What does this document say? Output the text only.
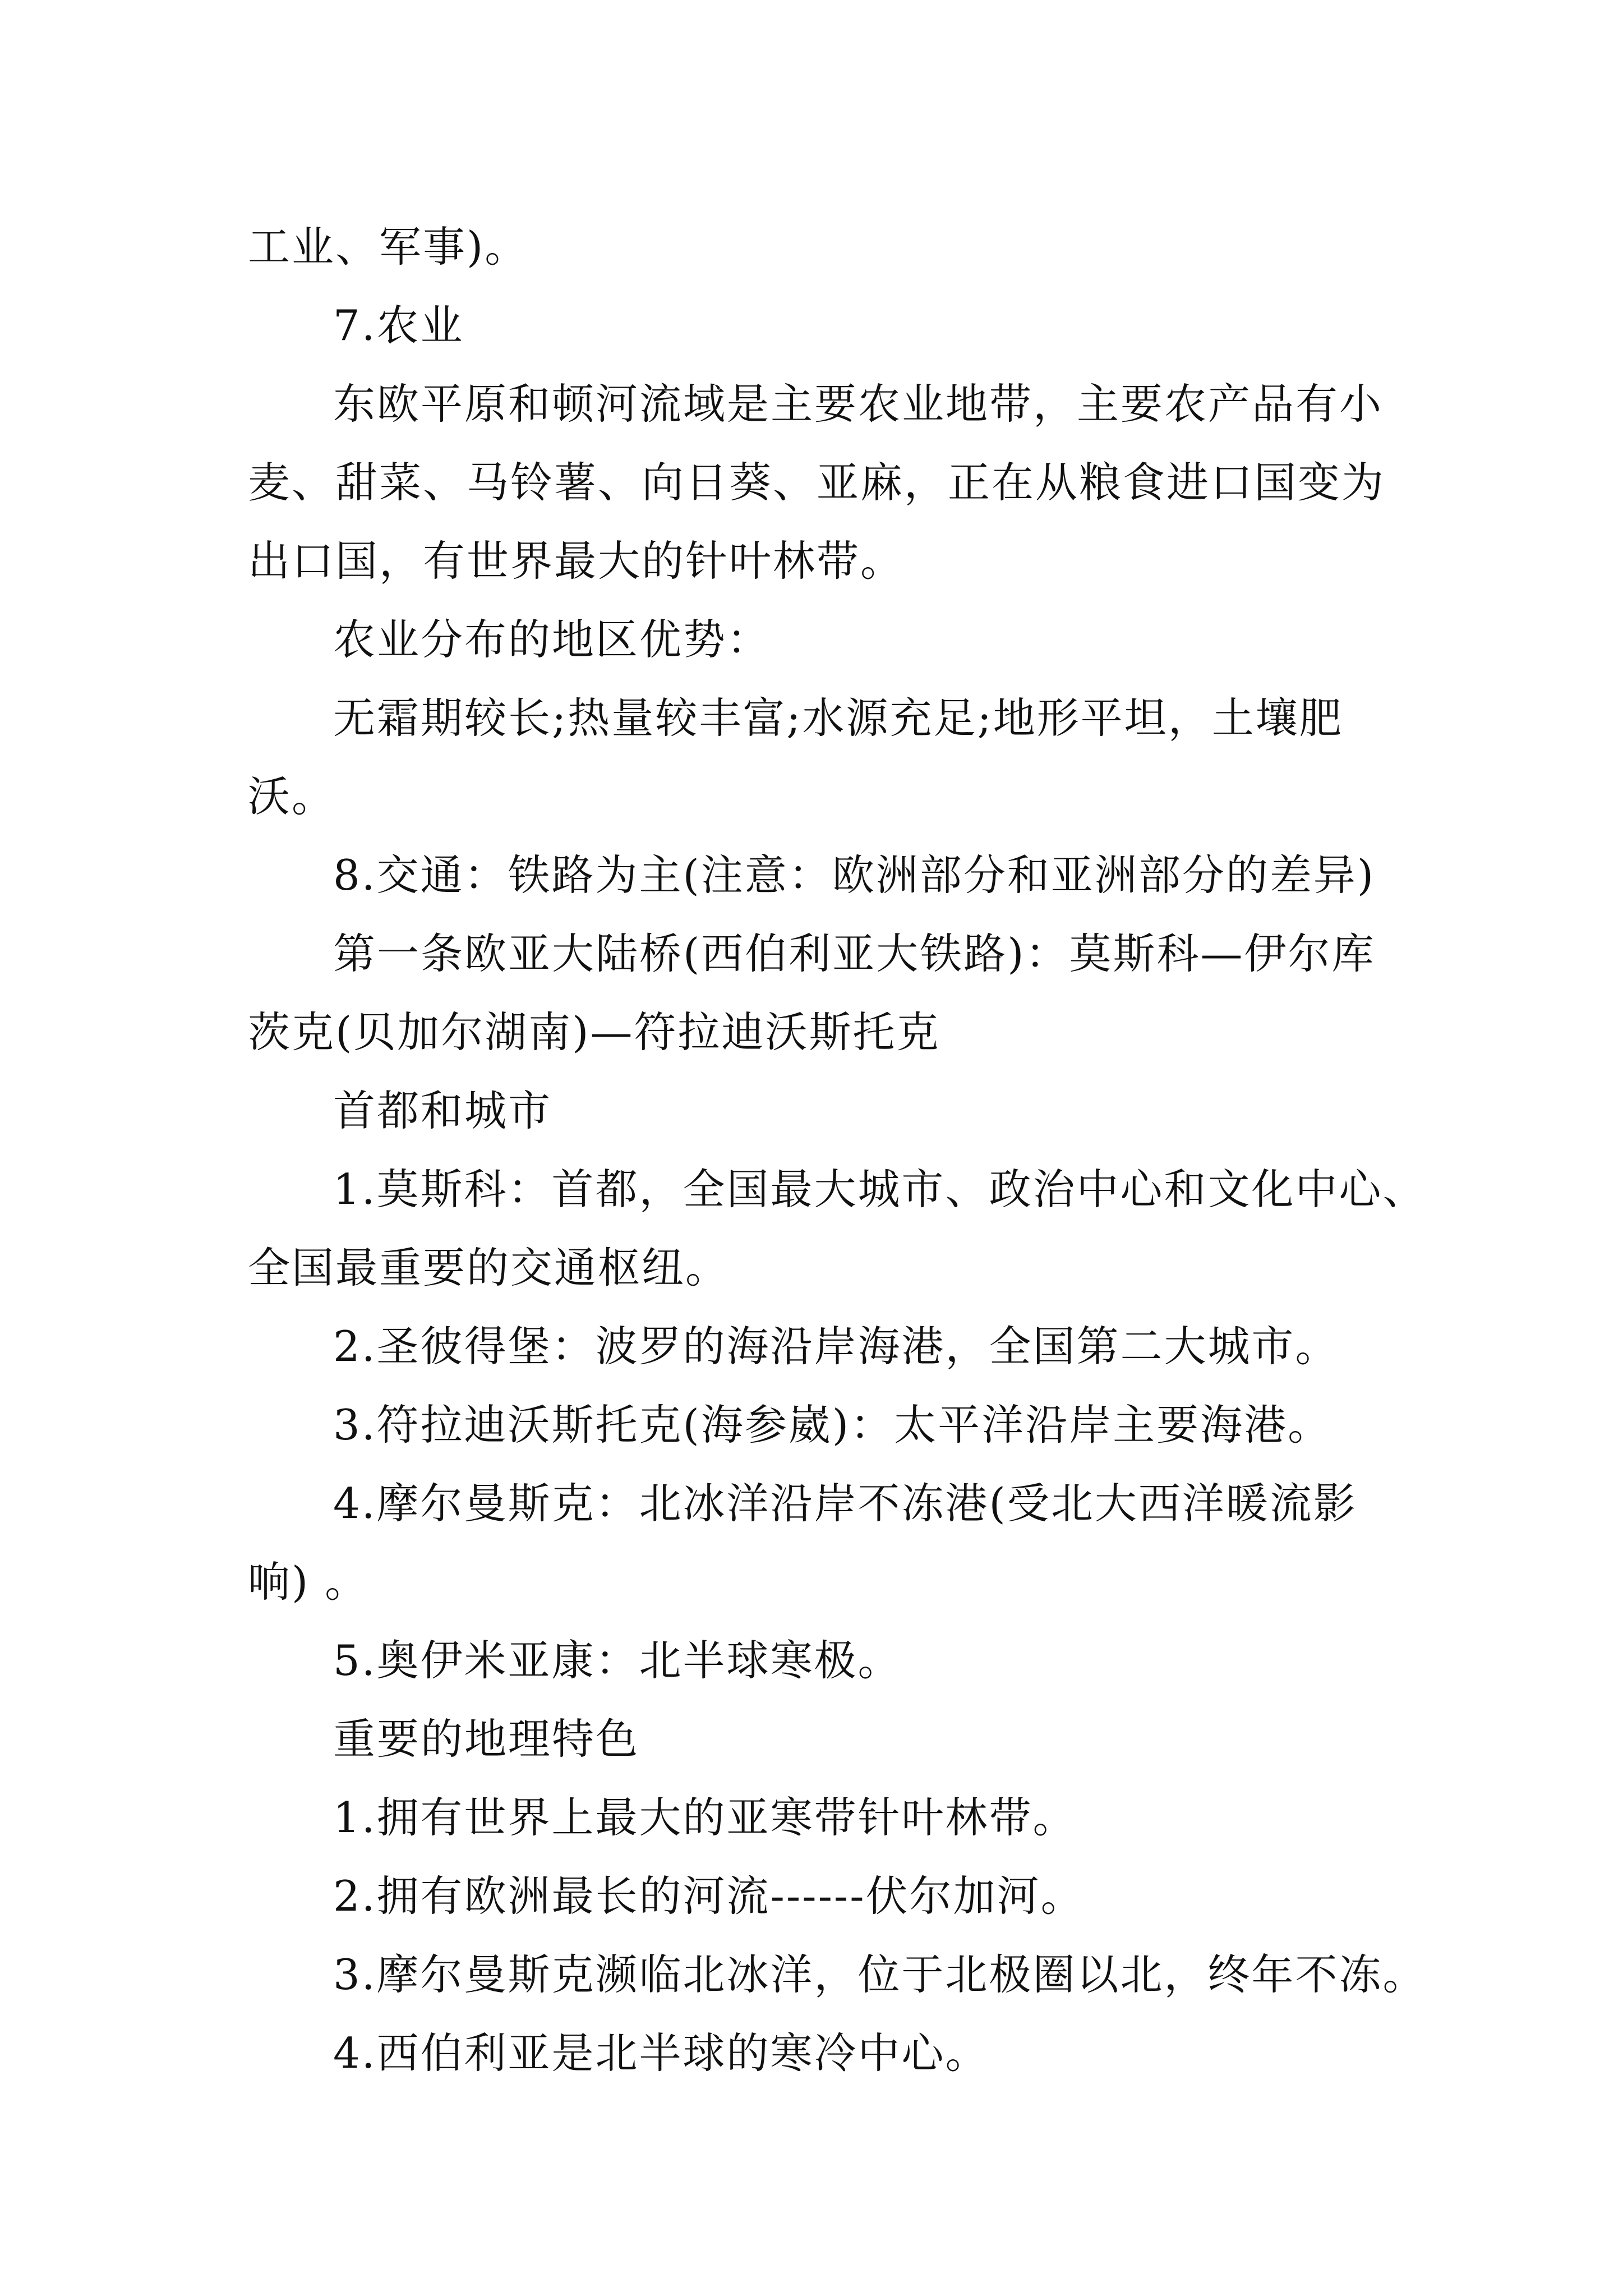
工业、军事)。

7.农业

东欧平原和顿河流域是主要农业地带，主要农产品有小

麦、甜菜、马铃薯、向日葵、亚麻，正在从粮食进口国变为

出口国，有世界最大的针叶林带。

农业分布的地区优势：

无霜期较长;热量较丰富;水源充足;地形平坦，土壤肥

沃。

8.交通：铁路为主(注意：欧洲部分和亚洲部分的差异)

第一条欧亚大陆桥(西伯利亚大铁路)：莫斯科—伊尔库

茨克(贝加尔湖南)—符拉迪沃斯托克

首都和城市

1.莫斯科：首都，全国最大城市、政治中心和文化中心、

全国最重要的交通枢纽。

2.圣彼得堡：波罗的海沿岸海港，全国第二大城市。

3.符拉迪沃斯托克(海参崴)：太平洋沿岸主要海港。

4.摩尔曼斯克：北冰洋沿岸不冻港(受北大西洋暖流影

响) 。

5.奥伊米亚康：北半球寒极。

重要的地理特色

1.拥有世界上最大的亚寒带针叶林带。

2.拥有欧洲最长的河流------伏尔加河。

3.摩尔曼斯克濒临北冰洋，位于北极圈以北，终年不冻。

4.西伯利亚是北半球的寒冷中心。
